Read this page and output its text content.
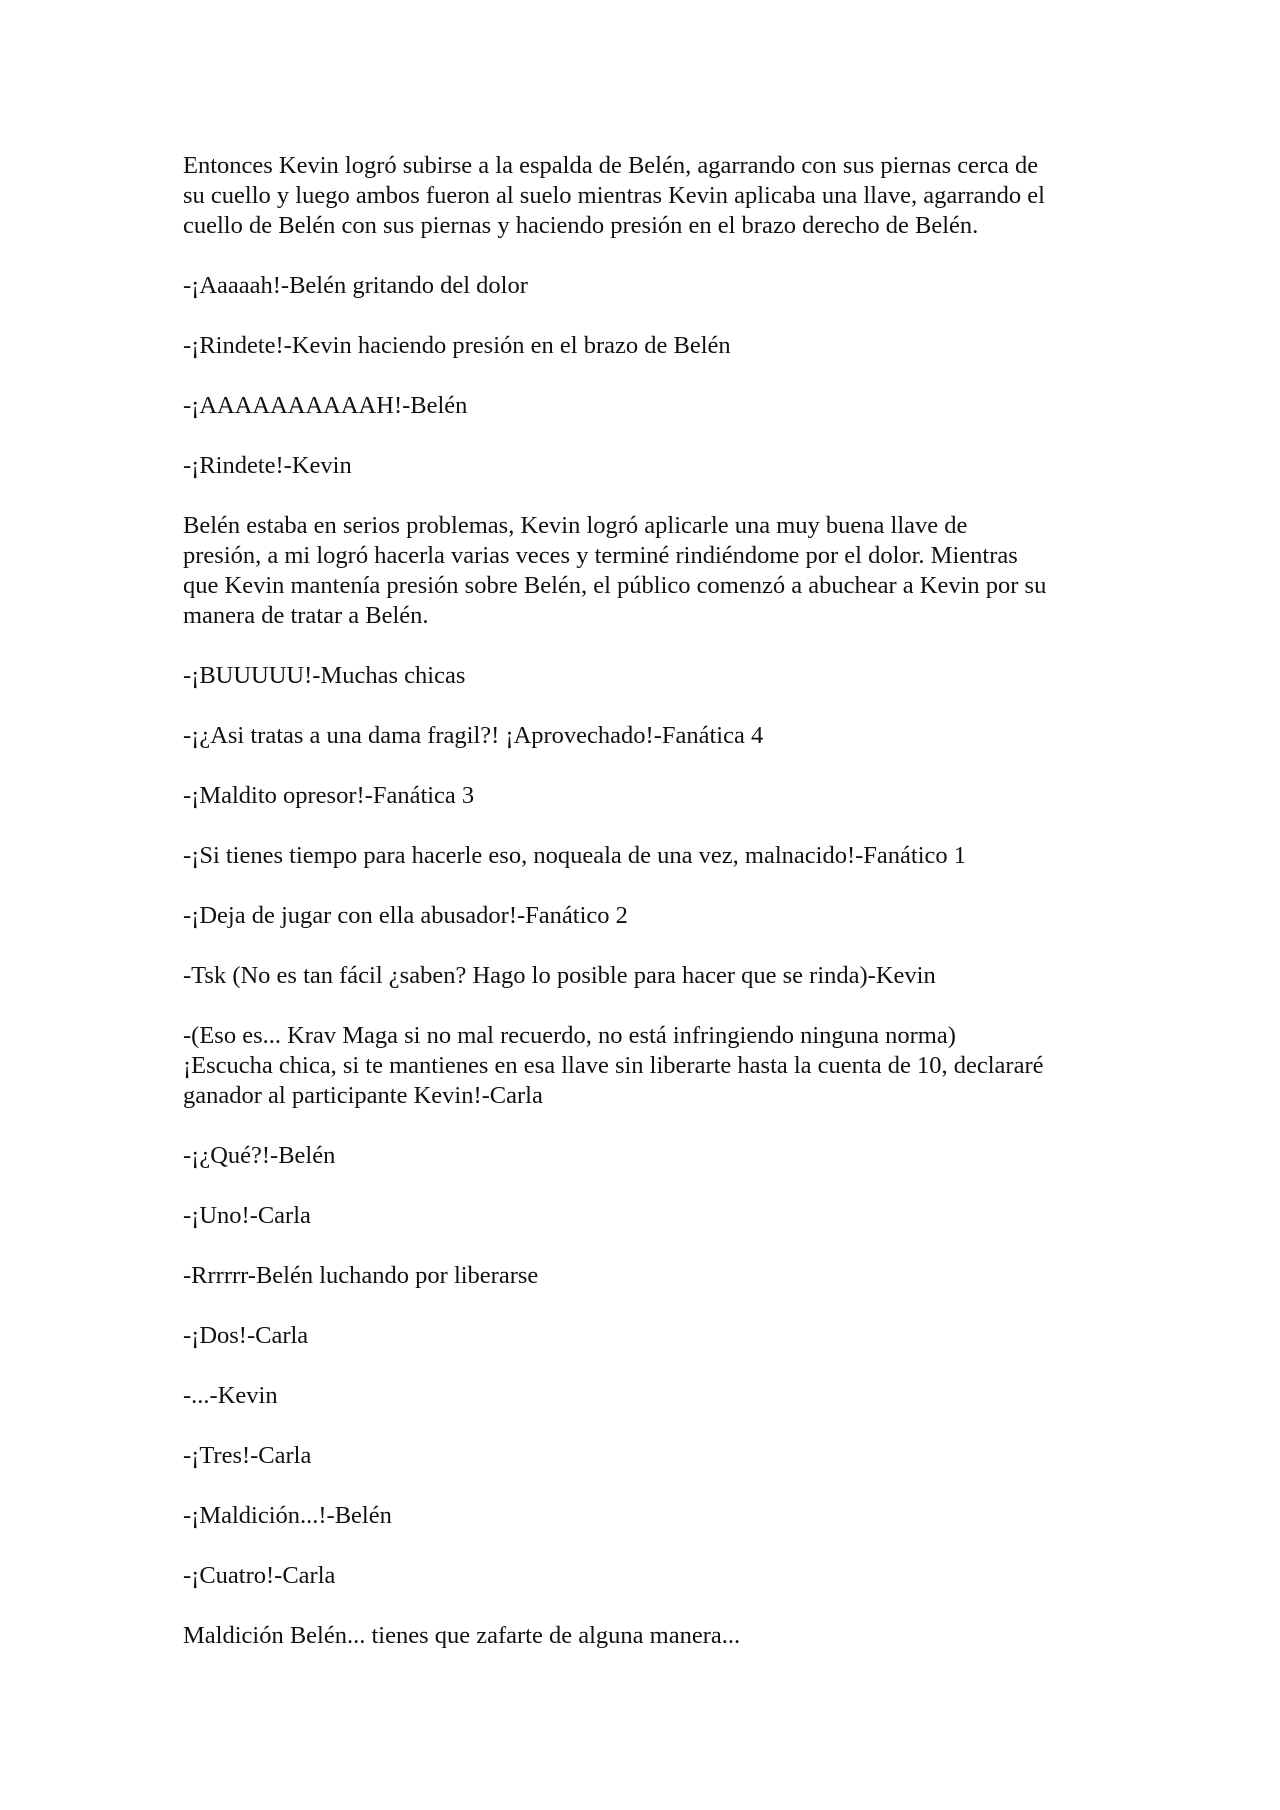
Entonces Kevin logró subirse a la espalda de Belén, agarrando con sus piernas cerca de
su cuello y luego ambos fueron al suelo mientras Kevin aplicaba una llave, agarrando el
cuello de Belén con sus piernas y haciendo presión en el brazo derecho de Belén.

-¡Aaaaah!-Belén gritando del dolor

-¡Rindete!-Kevin haciendo presión en el brazo de Belén

-¡AAAAAAAAAAH!-Belén

-¡Rindete!-Kevin

Belén estaba en serios problemas, Kevin logró aplicarle una muy buena llave de
presión, a mi logró hacerla varias veces y terminé rindiéndome por el dolor. Mientras
que Kevin mantenía presión sobre Belén, el público comenzó a abuchear a Kevin por su
manera de tratar a Belén.

-¡BUUUUU!-Muchas chicas

-¡¿Asi tratas a una dama fragil?! ¡Aprovechado!-Fanática 4

-¡Maldito opresor!-Fanática 3

-¡Si tienes tiempo para hacerle eso, noqueala de una vez, malnacido!-Fanático 1

-¡Deja de jugar con ella abusador!-Fanático 2

-Tsk (No es tan fácil ¿saben? Hago lo posible para hacer que se rinda)-Kevin

-(Eso es... Krav Maga si no mal recuerdo, no está infringiendo ninguna norma)
¡Escucha chica, si te mantienes en esa llave sin liberarte hasta la cuenta de 10, declararé
ganador al participante Kevin!-Carla

-¡¿Qué?!-Belén

-¡Uno!-Carla

-Rrrrrr-Belén luchando por liberarse

-¡Dos!-Carla

-...-Kevin

-¡Tres!-Carla

-¡Maldición...!-Belén

-¡Cuatro!-Carla

Maldición Belén... tienes que zafarte de alguna manera...
